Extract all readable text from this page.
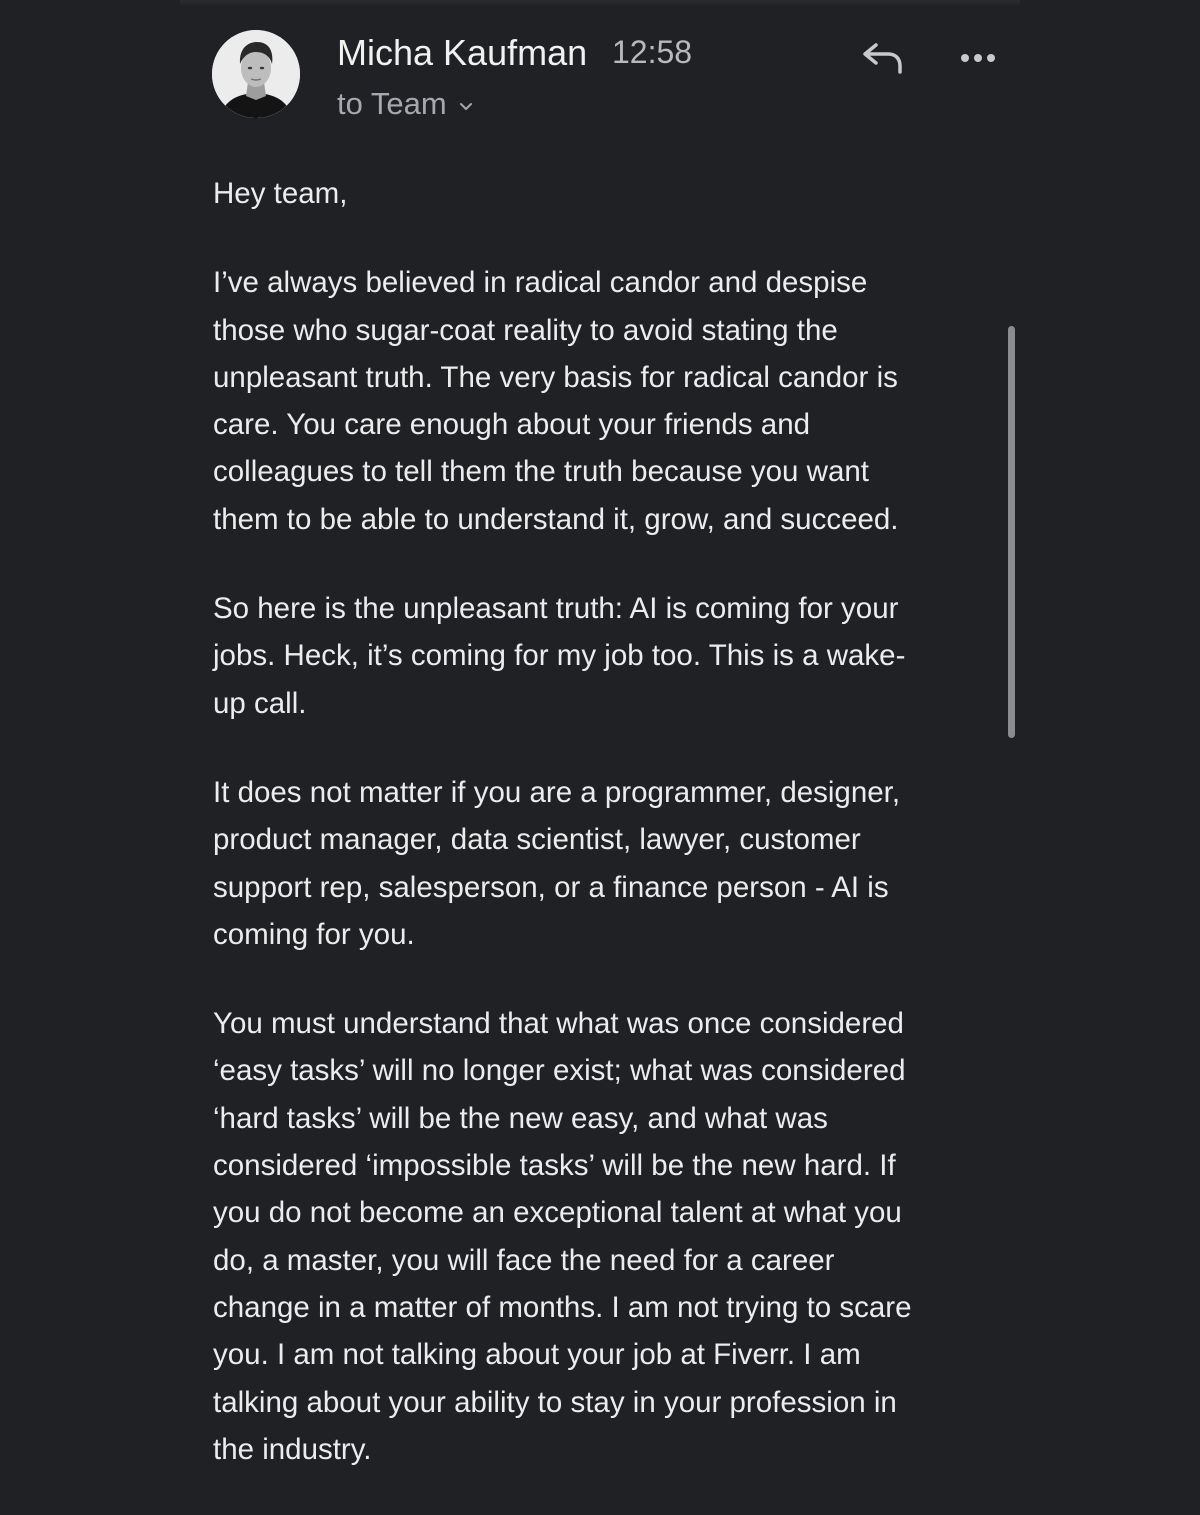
Micha Kaufman 12:58
to Team

Hey team,

I’ve always believed in radical candor and despise
those who sugar-coat reality to avoid stating the
unpleasant truth. The very basis for radical candor is
care. You care enough about your friends and
colleagues to tell them the truth because you want
them to be able to understand it, grow, and succeed.

So here is the unpleasant truth: AI is coming for your
jobs. Heck, it’s coming for my job too. This is a wake-
up call.

It does not matter if you are a programmer, designer,
product manager, data scientist, lawyer, customer
support rep, salesperson, or a finance person - AI is
coming for you.

You must understand that what was once considered
‘easy tasks’ will no longer exist; what was considered
‘hard tasks’ will be the new easy, and what was
considered ‘impossible tasks’ will be the new hard. If
you do not become an exceptional talent at what you
do, a master, you will face the need for a career
change in a matter of months. I am not trying to scare
you. I am not talking about your job at Fiverr. I am
talking about your ability to stay in your profession in
the industry.
